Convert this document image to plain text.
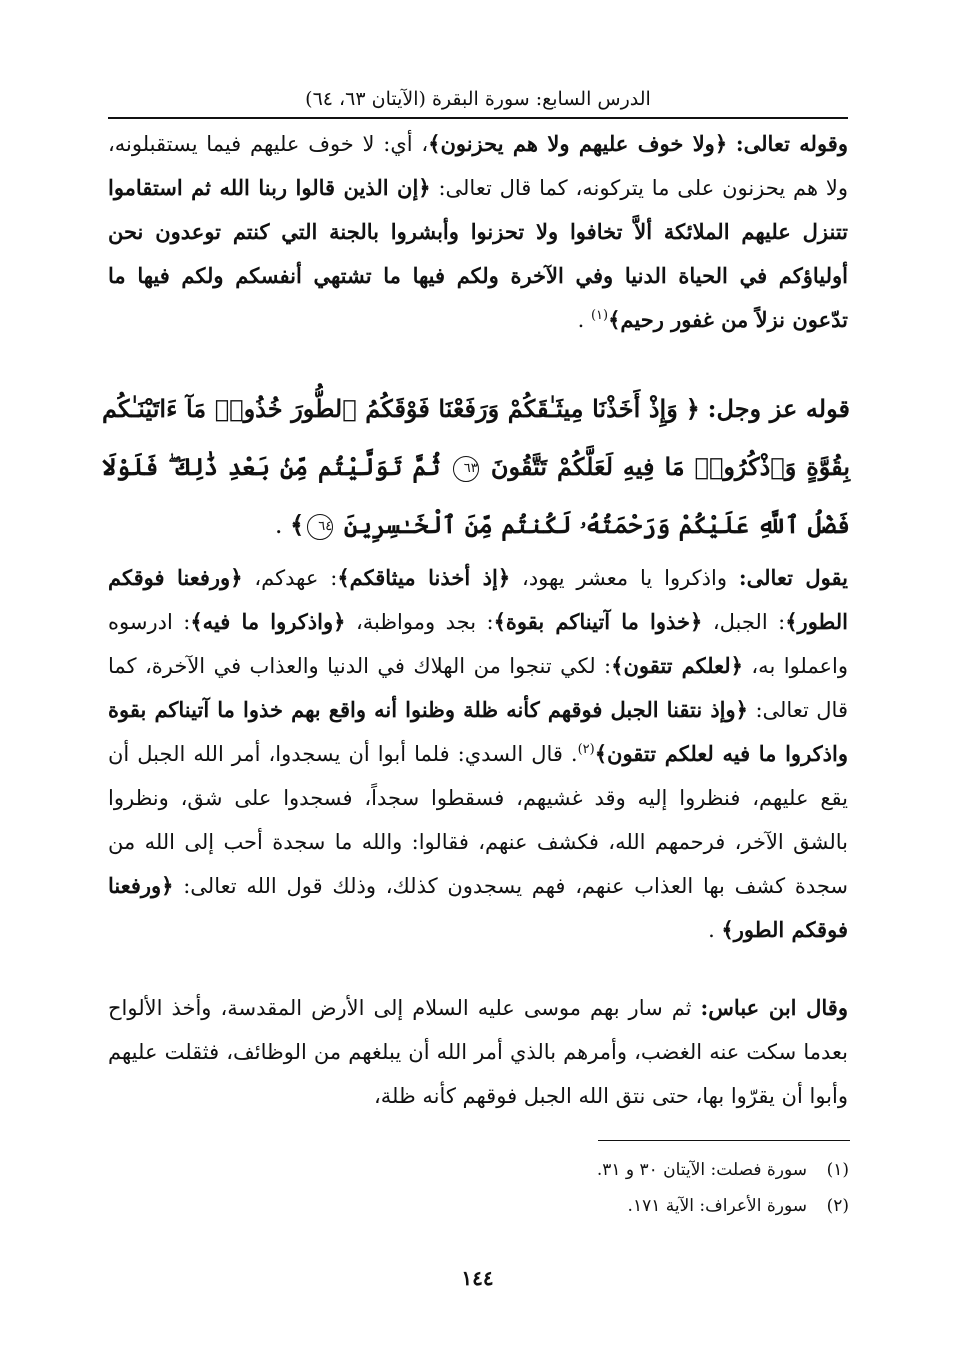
الدرس السابع: سورة البقرة (الآيتان ٦٣، ٦٤)
وقوله تعالى: ﴿ولا خوف عليهم ولا هم يحزنون﴾، أي: لا خوف عليهم فيما يستقبلونه، ولا هم يحزنون على ما يتركونه، كما قال تعالى: ﴿إن الذين قالوا ربنا الله ثم استقاموا تتنزل عليهم الملائكة ألاَّ تخافوا ولا تحزنوا وأبشروا بالجنة التي كنتم توعدون نحن أولياؤكم في الحياة الدنيا وفي الآخرة ولكم فيها ما تشتهي أنفسكم ولكم فيها ما تدّعون نزلاً من غفور رحيم﴾$^{(١)}$ .
قوله عز وجل: ﴿ وَإِذْ أَخَذْنَا مِيثَـٰقَكُمْ وَرَفَعْنَا فَوْقَكُمُ ٱلطُّورَ خُذُوا۟ مَآ ءَاتَيْنَـٰكُم بِقُوَّةٍ وَٱذْكُرُوا۟ مَا فِيهِ لَعَلَّكُمْ تَتَّقُونَ ٦٣ ثُمَّ تَوَلَّيْتُم مِّنۢ بَعْدِ ذَٰلِكَ ۖ فَلَوْلَا فَضْلُ ٱللَّهِ عَلَيْكُمْ وَرَحْمَتُهُۥ لَكُنتُم مِّنَ ٱلْخَـٰسِرِينَ ٦٤﴾ .
يقول تعالى: واذكروا يا معشر يهود، ﴿إذ أخذنا ميثاقكم﴾: عهدكم، ﴿ورفعنا فوقكم الطور﴾: الجبل، ﴿خذوا ما آتيناكم بقوة﴾: بجد ومواظبة، ﴿واذكروا ما فيه﴾: ادرسوه واعملوا به، ﴿لعلكم تتقون﴾: لكي تنجوا من الهلاك في الدنيا والعذاب في الآخرة، كما قال تعالى: ﴿وإذ نتقنا الجبل فوقهم كأنه ظلة وظنوا أنه واقع بهم خذوا ما آتيناكم بقوة واذكروا ما فيه لعلكم تتقون﴾$^{(٢)}$. قال السدي: فلما أبوا أن يسجدوا، أمر الله الجبل أن يقع عليهم، فنظروا إليه وقد غشيهم، فسقطوا سجداً، فسجدوا على شق، ونظروا بالشق الآخر، فرحمهم الله، فكشف عنهم، فقالوا: والله ما سجدة أحب إلى الله من سجدة كشف بها العذاب عنهم، فهم يسجدون كذلك، وذلك قول الله تعالى: ﴿ورفعنا فوقكم الطور﴾ .
وقال ابن عباس: ثم سار بهم موسى عليه السلام إلى الأرض المقدسة، وأخذ الألواح بعدما سكت عنه الغضب، وأمرهم بالذي أمر الله أن يبلغهم من الوظائف، فثقلت عليهم وأبوا أن يقرّوا بها، حتى نتق الله الجبل فوقهم كأنه ظلة،
(١)سورة فصلت: الآيتان ٣٠ و ٣١.
(٢)سورة الأعراف: الآية ١٧١.
١٤٤
